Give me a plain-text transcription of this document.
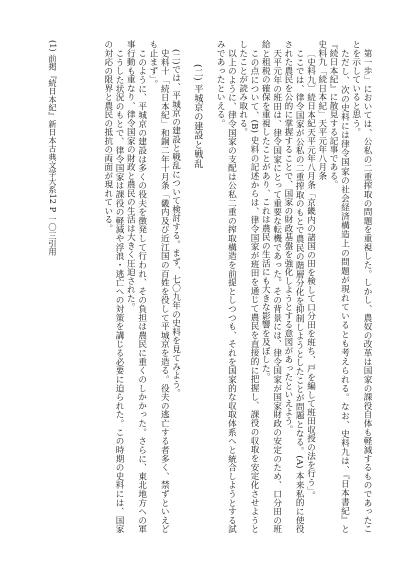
第一歩」においては、公私の二重搾取の問題を重視した。しかし、農奴の改革は国家の課役自体も軽減するものであったことを示していると思う。

ただし、次の史料には律令国家の社会経済構造上の問題が現れているとも考えられる。なお、史料九は、『日本書紀』と『続日本紀』に散見する記事である。

史料九「続日本紀」天平元年八月条

〔史料九〕続日本紀天平元年八月条「京畿内の諸国の田を検して口分田を班ち、戸を編して班田収授の法を行う」。

ここでは、律令国家が公私の二重搾取のもとで農民の階層分化を抑制しようとしたことが問題となる。(A) 本来私的に使役された農民を公的に掌握することで、国家の財政基盤を強化しようとする意図があったといえよう。

天平元年の班田は、律令国家にとって重要な転機であった。その背景には、律令国家が国家財政の安定のため、口分田の班給と租税の確保を重視したことがあり、これは農民の生活にも大きな影響を及ぼした。

この点について、(B) 史料の記述からは、律令国家が班田を通じて農民を直接的に把握し、課役の収取を安定化させようとしたことが読み取れる。

以上のように、律令国家の支配は公私二重の搾取構造を前提としつつも、それを国家的な収取体系へと統合しようとする試みであったといえる。

(二) 平城京の建設と戦乱

(二)では、平城京の建設と戦乱について検討する。まず、七〇九年の史料を見てみよう。

史料十「続日本紀」和銅二年十月条「畿内及び近江国の百姓を役して平城京を造る。役夫の逃亡する者多く、禁ずといえども止まず」。

このように、平城京の建設は多くの役夫を徴発して行われ、その負担は農民に重くのしかかった。さらに、東北地方への軍事行動も重なり、律令国家の財政と農民の生活は大きく圧迫された。

こうした状況のもとで、律令国家は課役の軽減や浮浪・逃亡への対策を講じる必要に迫られた。この時期の史料には、国家の対応の限界と農民の抵抗の両面が現れている。

(1) 前掲『続日本紀』新日本古典文学大系12 P 一〇三引用
